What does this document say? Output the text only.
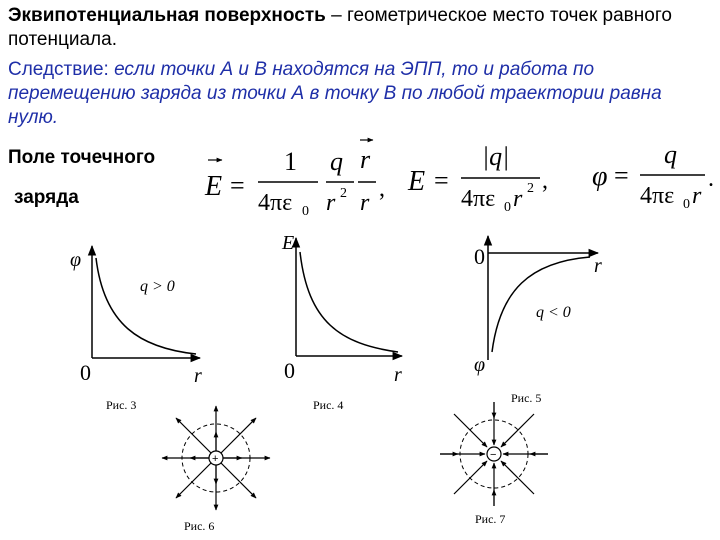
Эквипотенциальная поверхность – геометрическое место точек равного потенциала.
Следствие: если точки А и В находятся на ЭПП, то и работа по перемещению заряда из точки А в точку В по любой траектории равна нулю.
Поле точечного
заряда	E =
1
4πε 0
q
r 2
r
r
, E =
|q|
4πε 0 r 2 , φ =
q
4πε 0 r
.
φ
r
0
q > 0
E
r
0
0	r
φ
q < 0
Рис. 3	Рис. 4	Рис. 5
Рис. 6	Рис. 7
+	−
